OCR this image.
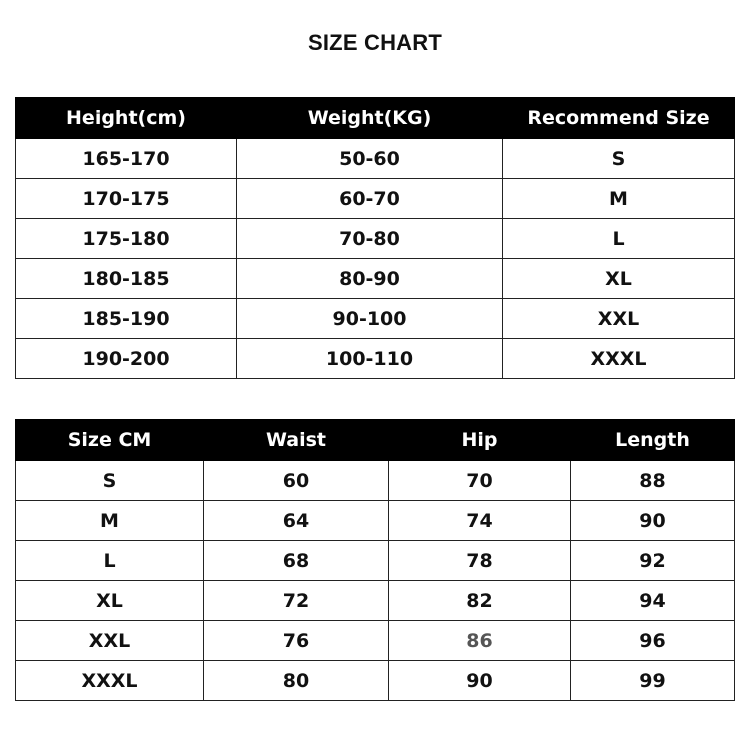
SIZE CHART
Height(cm)	Weight(KG)	Recommend Size
165-170	50-60	S
170-175	60-70	M
175-180	70-80	L
180-185	80-90	XL
185-190	90-100	XXL
190-200	100-110	XXXL
Size CM	Waist	Hip	Length
S	60	70	88
M	64	74	90
L	68	78	92
XL	72	82	94
XXL	76	86	96
XXXL	80	90	99
